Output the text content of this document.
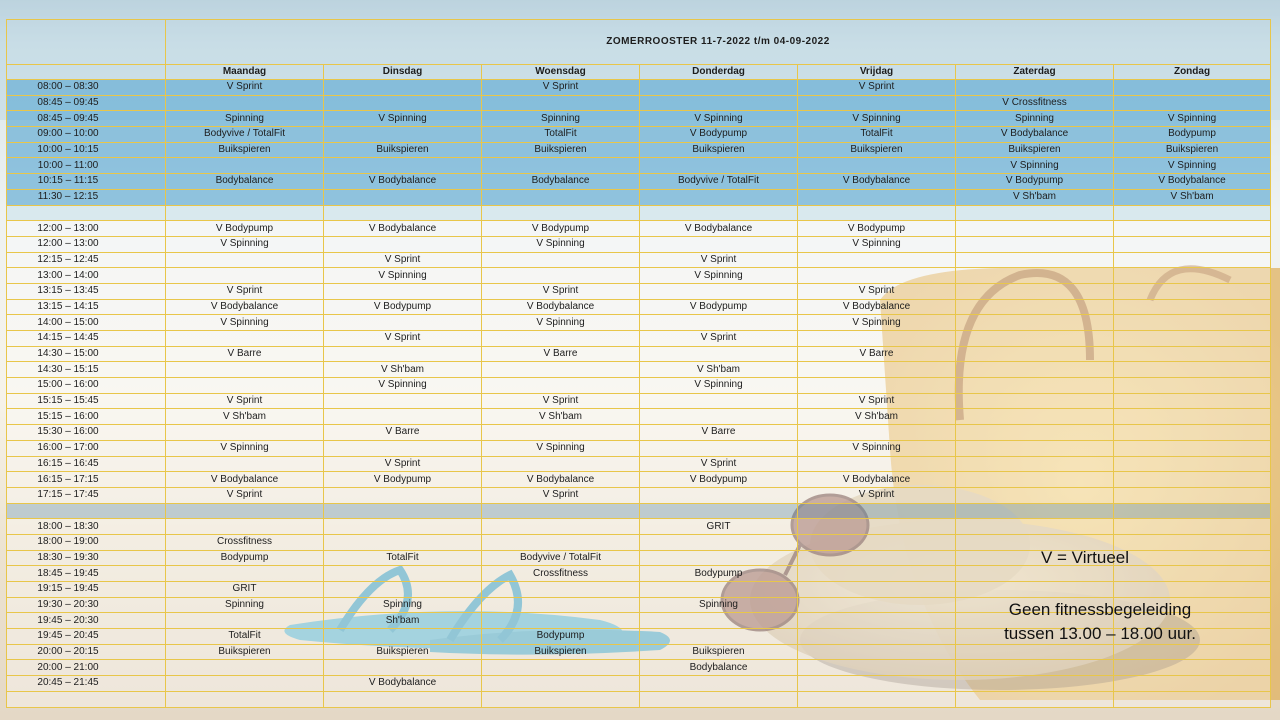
	ZOMERROOSTER 11-7-2022 t/m 04-09-2022						
	Maandag	Dinsdag	Woensdag	Donderdag	Vrijdag	Zaterdag	Zondag
08:00 – 08:30	V Sprint		V Sprint		V Sprint		
08:45 – 09:45						V Crossfitness	
08:45 – 09:45	Spinning	V Spinning	Spinning	V Spinning	V Spinning	Spinning	V Spinning
09:00 – 10:00	Bodyvive / TotalFit		TotalFit	V Bodypump	TotalFit	V Bodybalance	Bodypump
10:00 – 10:15	Buikspieren	Buikspieren	Buikspieren	Buikspieren	Buikspieren	Buikspieren	Buikspieren
10:00 – 11:00						V Spinning	V Spinning
10:15 – 11:15	Bodybalance	V Bodybalance	Bodybalance	Bodyvive / TotalFit	V Bodybalance	V Bodypump	V Bodybalance
11:30 – 12:15						V Sh'bam	V Sh'bam

12:00 – 13:00	V Bodypump	V Bodybalance	V Bodypump	V Bodybalance	V Bodypump		
12:00 – 13:00	V Spinning		V Spinning		V Spinning		
12:15 – 12:45		V Sprint		V Sprint			
13:00 – 14:00		V Spinning		V Spinning			
13:15 – 13:45	V Sprint		V Sprint		V Sprint		
13:15 – 14:15	V Bodybalance	V Bodypump	V Bodybalance	V Bodypump	V Bodybalance		
14:00 – 15:00	V Spinning		V Spinning		V Spinning		
14:15 – 14:45		V Sprint		V Sprint			
14:30 – 15:00	V Barre		V Barre		V Barre		
14:30 – 15:15		V Sh'bam		V Sh'bam			
15:00 – 16:00		V Spinning		V Spinning			
15:15 – 15:45	V Sprint		V Sprint		V Sprint		
15:15 – 16:00	V Sh'bam		V Sh'bam		V Sh'bam		
15:30 – 16:00		V Barre		V Barre			
16:00 – 17:00	V Spinning		V Spinning		V Spinning		
16:15 – 16:45		V Sprint		V Sprint			
16:15 – 17:15	V Bodybalance	V Bodypump	V Bodybalance	V Bodypump	V Bodybalance		
17:15 – 17:45	V Sprint		V Sprint		V Sprint		

18:00 – 18:30				GRIT			
18:00 – 19:00	Crossfitness						
18:30 – 19:30	Bodypump	TotalFit	Bodyvive / TotalFit				
18:45 – 19:45			Crossfitness	Bodypump			
19:15 – 19:45	GRIT						
19:30 – 20:30	Spinning	Spinning		Spinning			
19:45 – 20:30		Sh'bam					
19:45 – 20:45	TotalFit		Bodypump				
20:00 – 20:15	Buikspieren	Buikspieren	Buikspieren	Buikspieren			
20:00 – 21:00				Bodybalance			
20:45 – 21:45		V Bodybalance					

V = Virtueel
Geen fitnessbegeleiding
tussen 13.00 – 18.00 uur.
